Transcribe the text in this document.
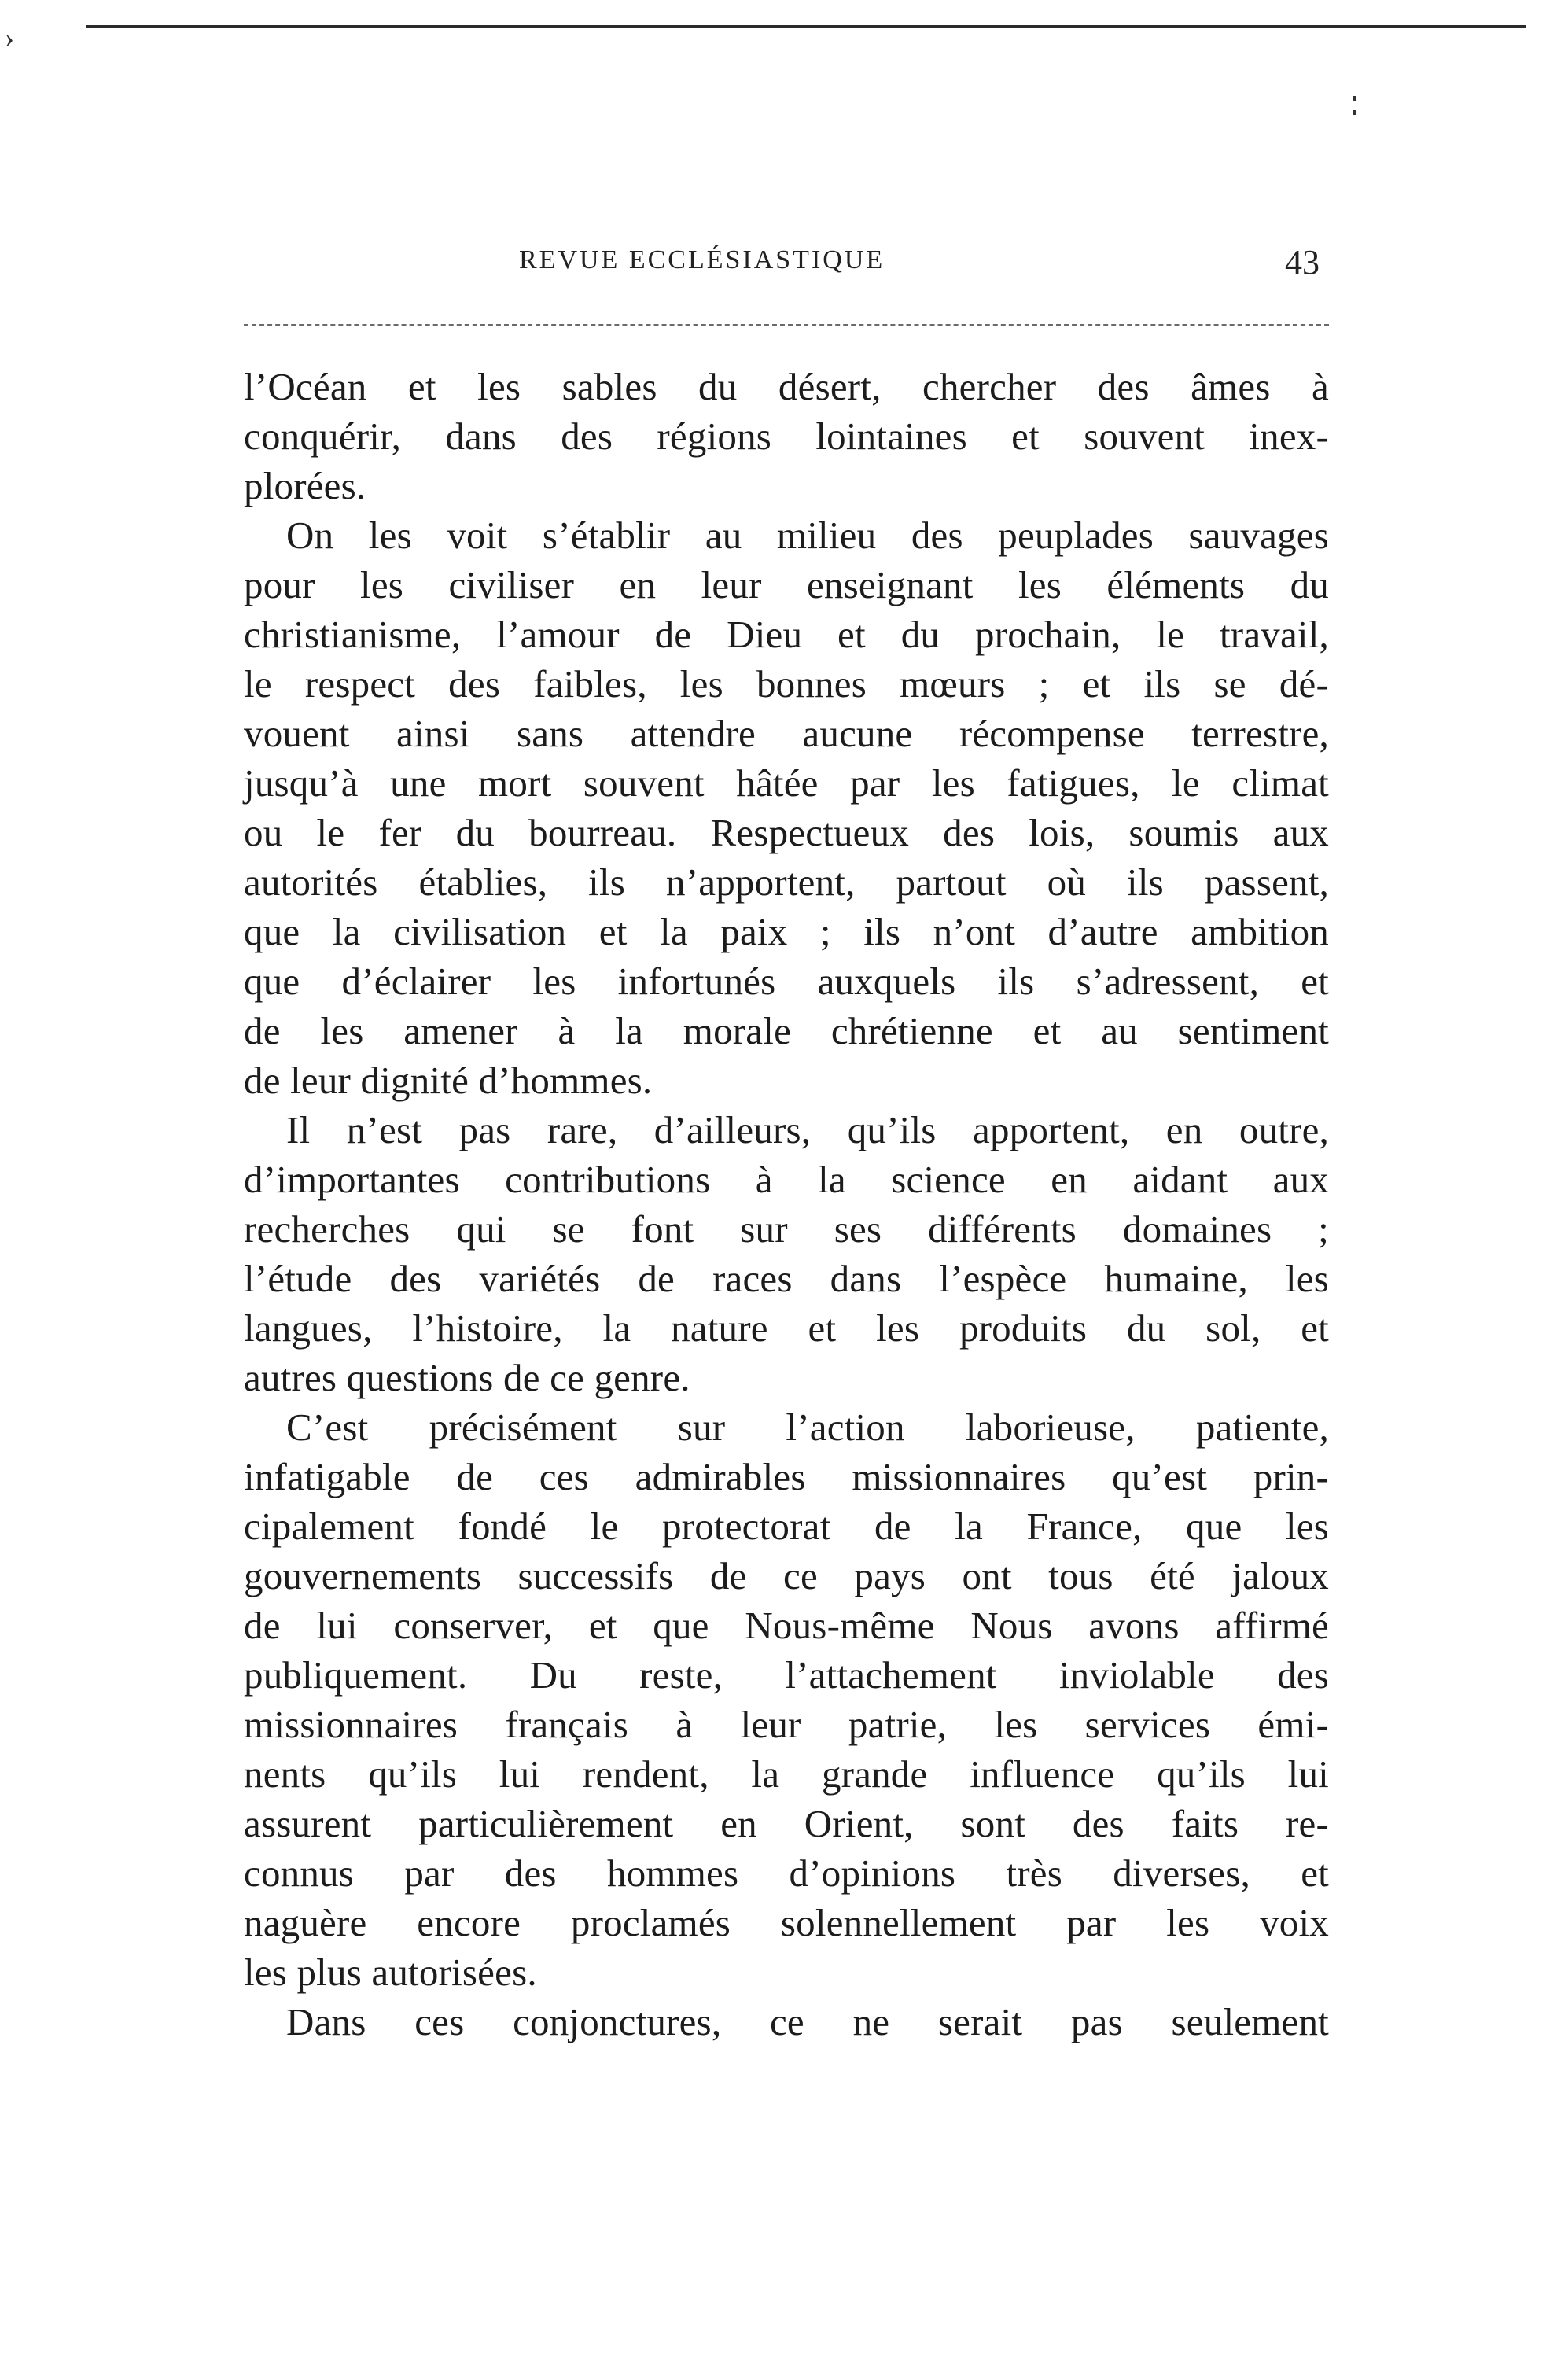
›
REVUE ECCLÉSIASTIQUE	43
l’Océan et les sables du désert, chercher des âmes à
conquérir, dans des régions lointaines et souvent inex-
plorées.
On les voit s’établir au milieu des peuplades sauvages
pour les civiliser en leur enseignant les éléments du
christianisme, l’amour de Dieu et du prochain, le travail,
le respect des faibles, les bonnes mœurs ; et ils se dé-
vouent ainsi sans attendre aucune récompense terrestre,
jusqu’à une mort souvent hâtée par les fatigues, le climat
ou le fer du bourreau. Respectueux des lois, soumis aux
autorités établies, ils n’apportent, partout où ils passent,
que la civilisation et la paix ; ils n’ont d’autre ambition
que d’éclairer les infortunés auxquels ils s’adressent, et
de les amener à la morale chrétienne et au sentiment
de leur dignité d’hommes.
Il n’est pas rare, d’ailleurs, qu’ils apportent, en outre,
d’importantes contributions à la science en aidant aux
recherches qui se font sur ses différents domaines ;
l’étude des variétés de races dans l’espèce humaine, les
langues, l’histoire, la nature et les produits du sol, et
autres questions de ce genre.
C’est précisément sur l’action laborieuse, patiente,
infatigable de ces admirables missionnaires qu’est prin-
cipalement fondé le protectorat de la France, que les
gouvernements successifs de ce pays ont tous été jaloux
de lui conserver, et que Nous-même Nous avons affirmé
publiquement. Du reste, l’attachement inviolable des
missionnaires français à leur patrie, les services émi-
nents qu’ils lui rendent, la grande influence qu’ils lui
assurent particulièrement en Orient, sont des faits re-
connus par des hommes d’opinions très diverses, et
naguère encore proclamés solennellement par les voix
les plus autorisées.
Dans ces conjonctures, ce ne serait pas seulement
